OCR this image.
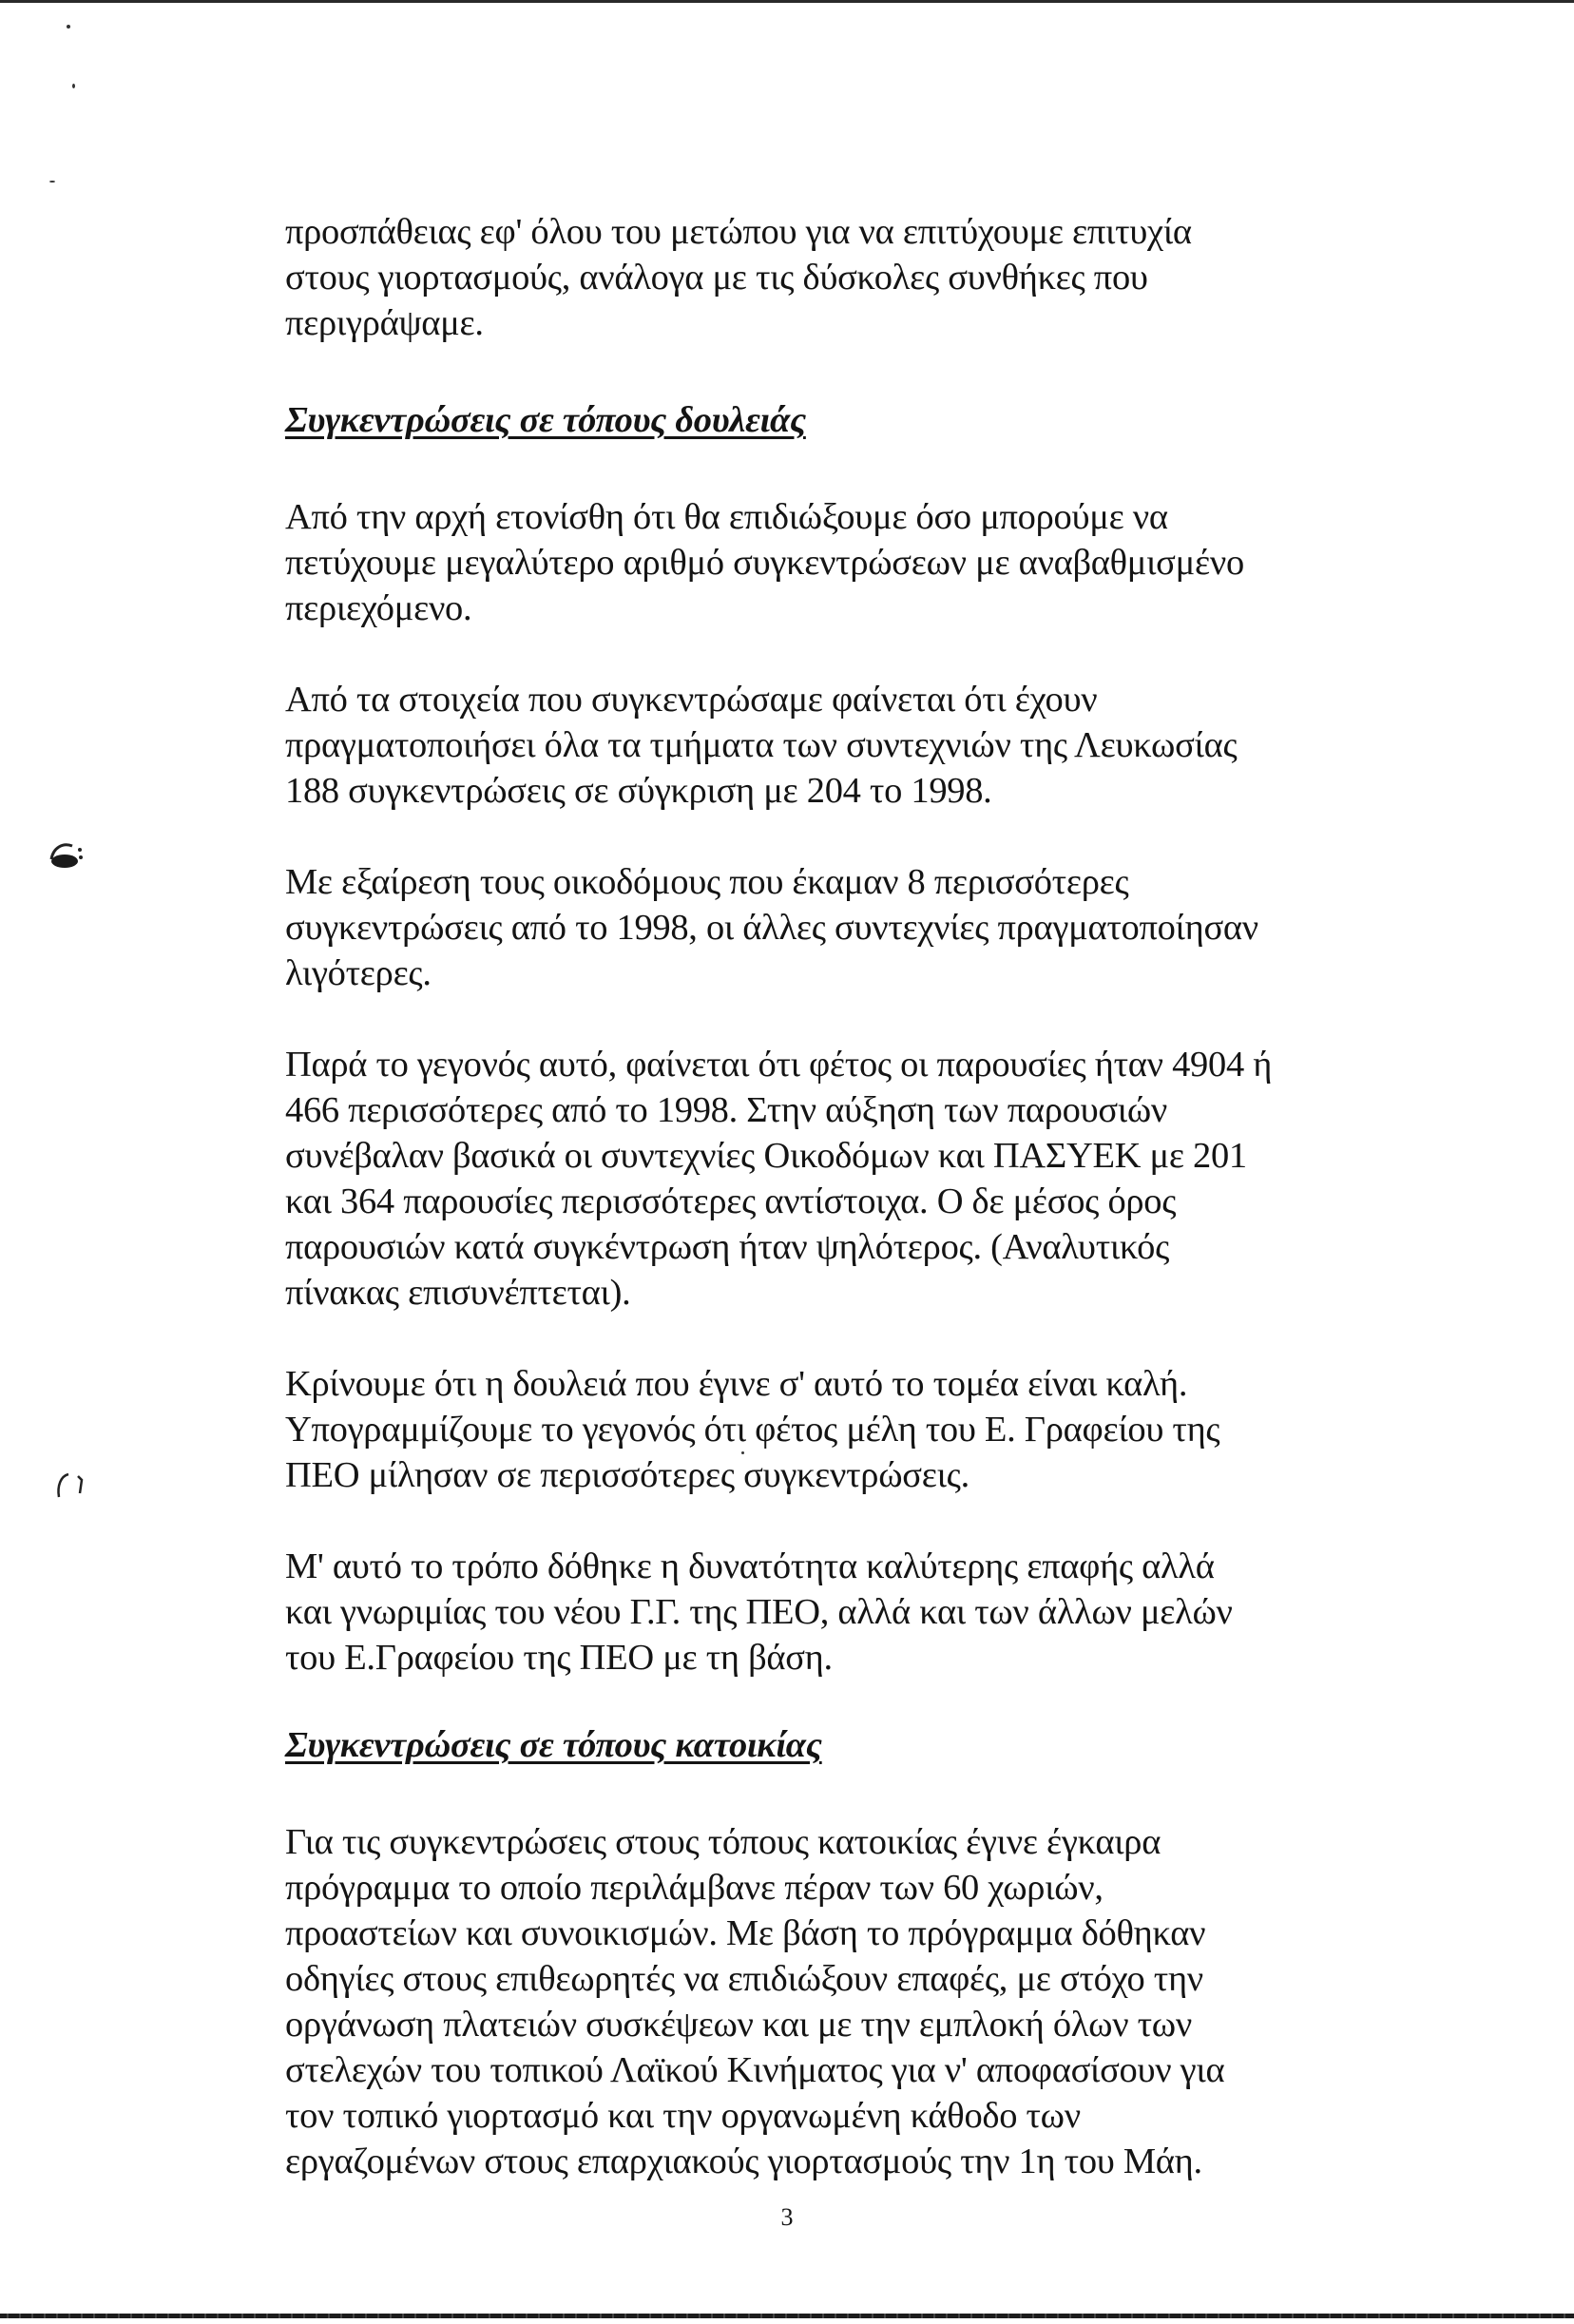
προσπάθειας εφ' όλου του μετώπου για να επιτύχουμε επιτυχία
στους γιορτασμούς, ανάλογα με τις δύσκολες συνθήκες που
περιγράψαμε.

Συγκεντρώσεις σε τόπους δουλειάς

Από την αρχή ετονίσθη ότι θα επιδιώξουμε όσο μπορούμε να
πετύχουμε μεγαλύτερο αριθμό συγκεντρώσεων με αναβαθμισμένο
περιεχόμενο.

Από τα στοιχεία που συγκεντρώσαμε φαίνεται ότι έχουν
πραγματοποιήσει όλα τα τμήματα των συντεχνιών της Λευκωσίας
188 συγκεντρώσεις σε σύγκριση με 204 το 1998.

Με εξαίρεση τους οικοδόμους που έκαμαν 8 περισσότερες
συγκεντρώσεις από το 1998, οι άλλες συντεχνίες πραγματοποίησαν
λιγότερες.

Παρά το γεγονός αυτό, φαίνεται ότι φέτος οι παρουσίες ήταν 4904 ή
466 περισσότερες από το 1998. Στην αύξηση των παρουσιών
συνέβαλαν βασικά οι συντεχνίες Οικοδόμων και ΠΑΣΥΕΚ με 201
και 364 παρουσίες περισσότερες αντίστοιχα. Ο δε μέσος όρος
παρουσιών κατά συγκέντρωση ήταν ψηλότερος. (Αναλυτικός
πίνακας επισυνέπτεται).

Κρίνουμε ότι η δουλειά που έγινε σ' αυτό το τομέα είναι καλή.
Υπογραμμίζουμε το γεγονός ότι φέτος μέλη του Ε. Γραφείου της
ΠΕΟ μίλησαν σε περισσότερες συγκεντρώσεις.

Μ' αυτό το τρόπο δόθηκε η δυνατότητα καλύτερης επαφής αλλά
και γνωριμίας του νέου Γ.Γ. της ΠΕΟ, αλλά και των άλλων μελών
του Ε.Γραφείου της ΠΕΟ με τη βάση.

Συγκεντρώσεις σε τόπους κατοικίας

Για τις συγκεντρώσεις στους τόπους κατοικίας έγινε έγκαιρα
πρόγραμμα το οποίο περιλάμβανε πέραν των 60 χωριών,
προαστείων και συνοικισμών. Με βάση το πρόγραμμα δόθηκαν
οδηγίες στους επιθεωρητές να επιδιώξουν επαφές, με στόχο την
οργάνωση πλατειών συσκέψεων και με την εμπλοκή όλων των
στελεχών του τοπικού Λαϊκού Κινήματος για ν' αποφασίσουν για
τον τοπικό γιορτασμό και την οργανωμένη κάθοδο των
εργαζομένων στους επαρχιακούς γιορτασμούς την 1η του Μάη.

3
